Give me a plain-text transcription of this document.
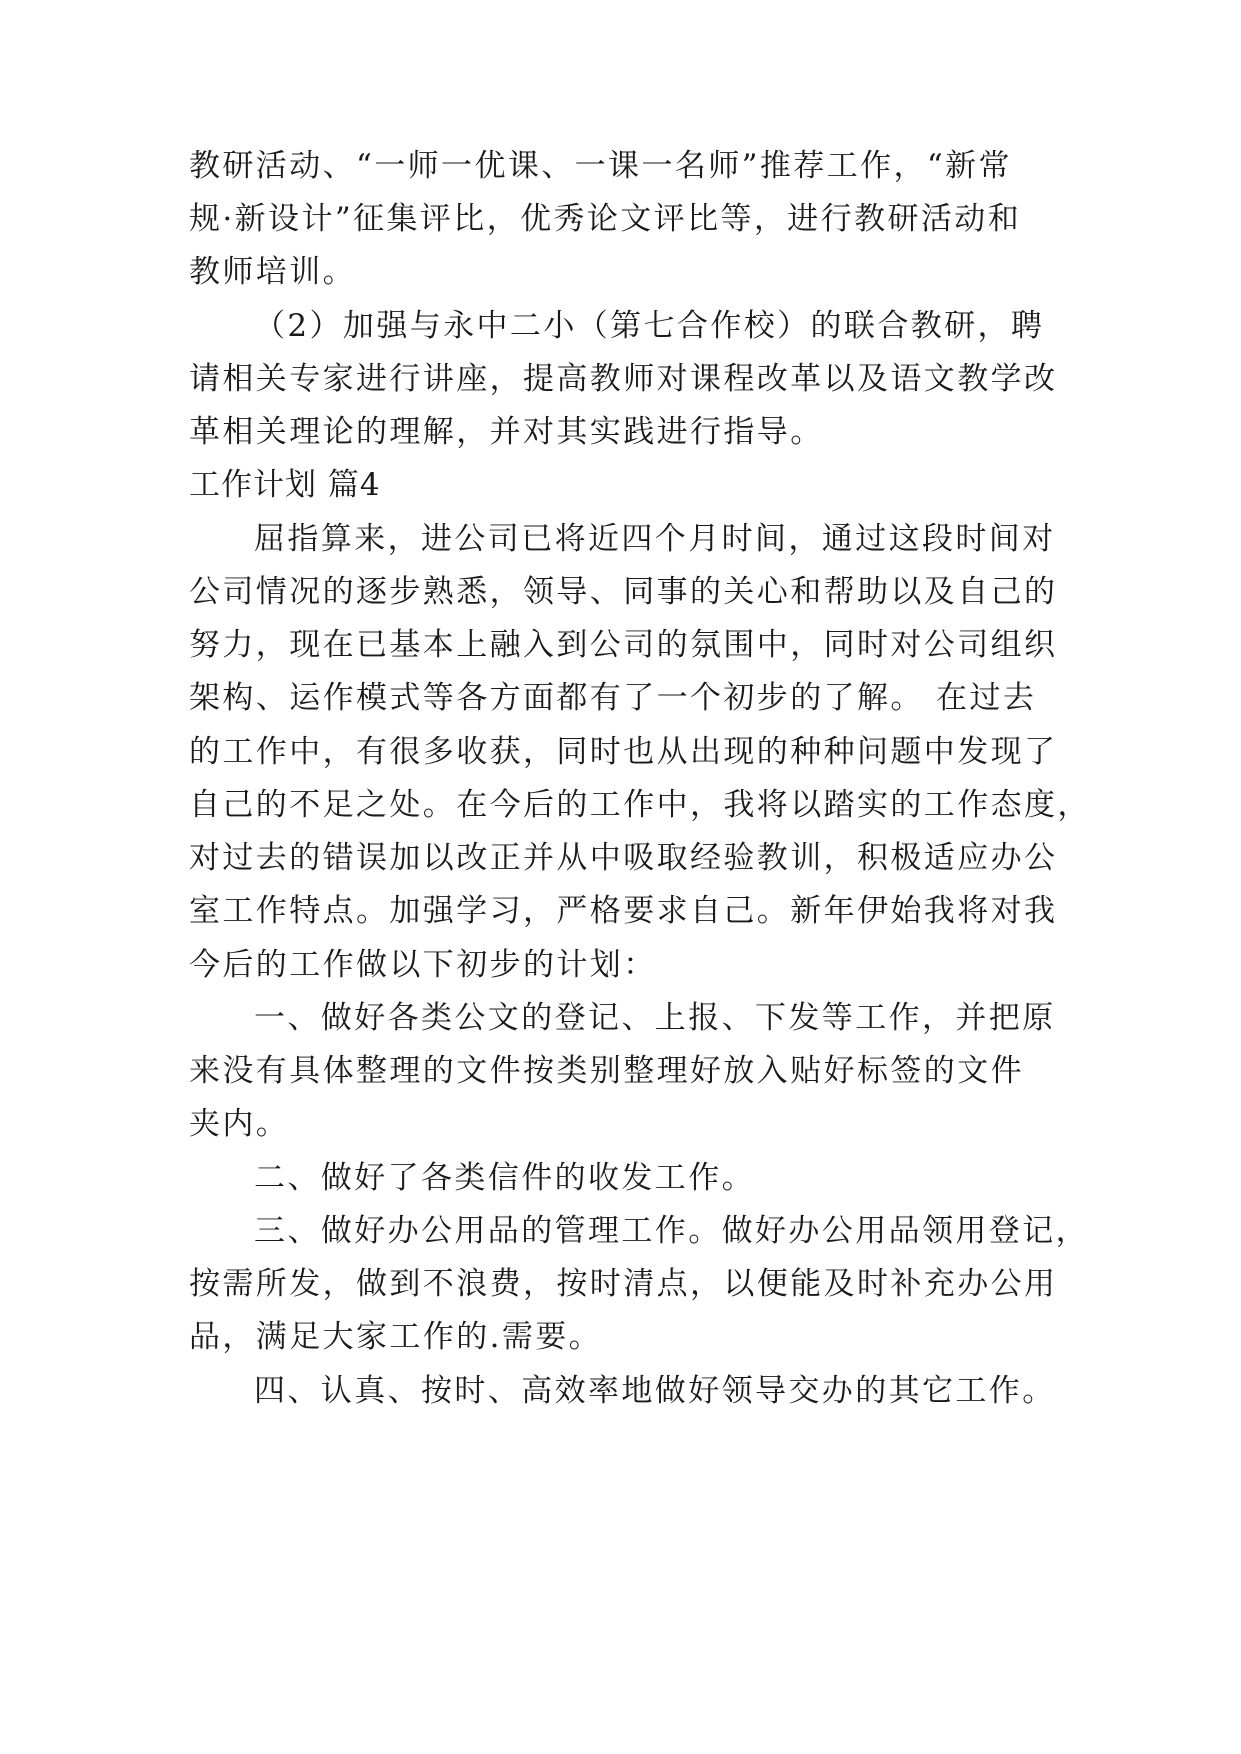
教研活动、“一师一优课、一课一名师”推荐工作，“新常
规·新设计”征集评比，优秀论文评比等，进行教研活动和
教师培训。
（2）加强与永中二小（第七合作校）的联合教研，聘
请相关专家进行讲座，提高教师对课程改革以及语文教学改
革相关理论的理解，并对其实践进行指导。
工作计划 篇4
屈指算来，进公司已将近四个月时间，通过这段时间对
公司情况的逐步熟悉，领导、同事的关心和帮助以及自己的
努力，现在已基本上融入到公司的氛围中，同时对公司组织
架构、运作模式等各方面都有了一个初步的了解。 在过去
的工作中，有很多收获，同时也从出现的种种问题中发现了
自己的不足之处。在今后的工作中，我将以踏实的工作态度，
对过去的错误加以改正并从中吸取经验教训，积极适应办公
室工作特点。加强学习，严格要求自己。新年伊始我将对我
今后的工作做以下初步的计划：
一、做好各类公文的登记、上报、下发等工作，并把原
来没有具体整理的文件按类别整理好放入贴好标签的文件
夹内。
二、做好了各类信件的收发工作。
三、做好办公用品的管理工作。做好办公用品领用登记，
按需所发，做到不浪费，按时清点，以便能及时补充办公用
品，满足大家工作的.需要。
四、认真、按时、高效率地做好领导交办的其它工作。
